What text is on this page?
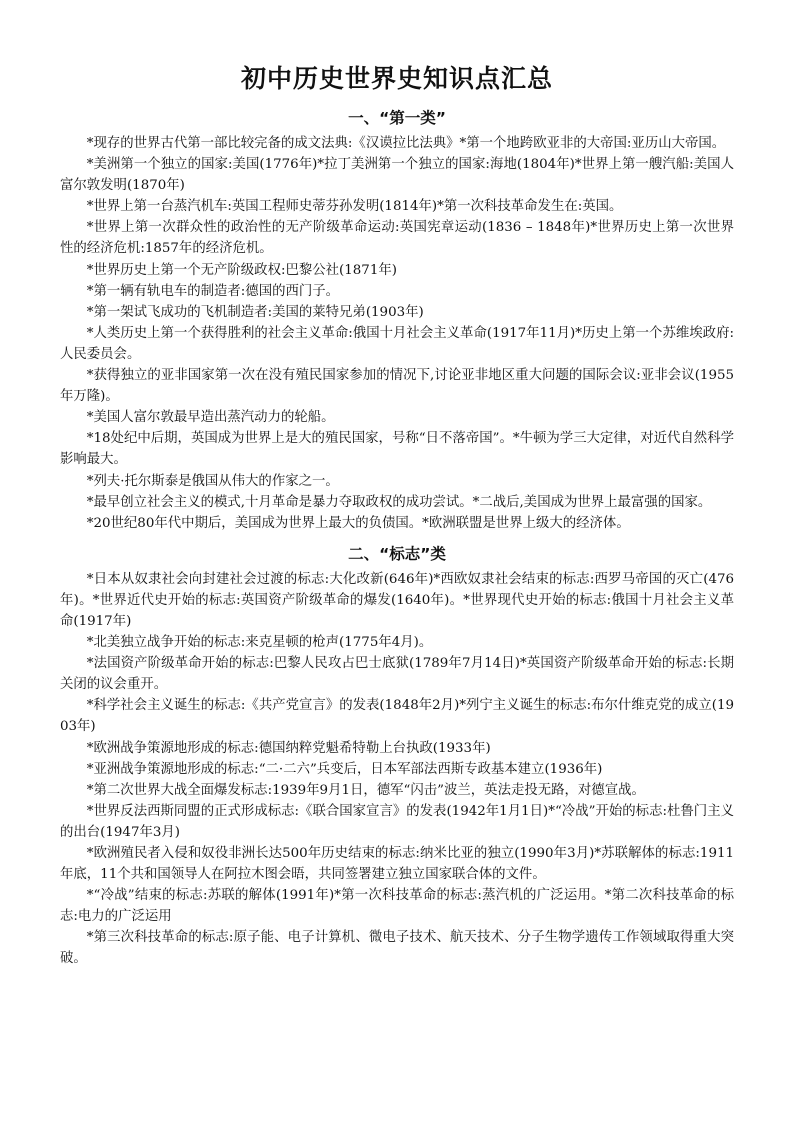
初中历史世界史知识点汇总
一、“第一类”

*现存的世界古代第一部比较完备的成文法典:《汉谟拉比法典》*第一个地跨欧亚非的大帝国:亚历山大帝国。

*美洲第一个独立的国家:美国(1776年)*拉丁美洲第一个独立的国家:海地(1804年)*世界上第一艘汽船:美国人富尔敦发明(1870年)

*世界上第一台蒸汽机车:英国工程师史蒂芬孙发明(1814年)*第一次科技革命发生在:英国。

*世界上第一次群众性的政治性的无产阶级革命运动:英国宪章运动(1836 – 1848年)*世界历史上第一次世界性的经济危机:1857年的经济危机。

*世界历史上第一个无产阶级政权:巴黎公社(1871年)

*第一辆有轨电车的制造者:德国的西门子。

*第一架试飞成功的飞机制造者:美国的莱特兄弟(1903年)

*人类历史上第一个获得胜利的社会主义革命:俄国十月社会主义革命(1917年11月)*历史上第一个苏维埃政府:人民委员会。

*获得独立的亚非国家第一次在没有殖民国家参加的情况下,讨论亚非地区重大问题的国际会议:亚非会议(1955年万隆)。

*美国人富尔敦最早造出蒸汽动力的轮船。

*18处纪中后期，英国成为世界上是大的殖民国家，号称“日不落帝国”。*牛顿为学三大定律，对近代自然科学影响最大。

*列夫·托尔斯泰是俄国从伟大的作家之一。

*最早创立社会主义的模式,十月革命是暴力夺取政权的成功尝试。*二战后,美国成为世界上最富强的国家。

*20世纪80年代中期后，美国成为世界上最大的负债国。*欧洲联盟是世界上级大的经济体。

二、“标志”类

*日本从奴隶社会向封建社会过渡的标志:大化改新(646年)*西欧奴隶社会结束的标志:西罗马帝国的灭亡(476年)。*世界近代史开始的标志:英国资产阶级革命的爆发(1640年)。*世界现代史开始的标志:俄国十月社会主义革命(1917年)

*北美独立战争开始的标志:来克星顿的枪声(1775年4月)。

*法国资产阶级革命开始的标志:巴黎人民攻占巴士底狱(1789年7月14日)*英国资产阶级革命开始的标志:长期关闭的议会重开。

*科学社会主义诞生的标志:《共产党宣言》的发表(1848年2月)*列宁主义诞生的标志:布尔什维克党的成立(1903年)

*欧洲战争策源地形成的标志:德国纳粹党魁希特勒上台执政(1933年)

*亚洲战争策源地形成的标志:“二·二六”兵变后，日本军部法西斯专政基本建立(1936年)

*第二次世界大战全面爆发标志:1939年9月1日，德军“闪击”波兰，英法走投无路，对德宣战。

*世界反法西斯同盟的正式形成标志:《联合国家宣言》的发表(1942年1月1日)*“冷战”开始的标志:杜鲁门主义的出台(1947年3月)

*欧洲殖民者入侵和奴役非洲长达500年历史结束的标志:纳米比亚的独立(1990年3月)*苏联解体的标志:1911年底，11个共和国领导人在阿拉木图会晤，共同签署建立独立国家联合体的文件。

*“冷战”结束的标志:苏联的解体(1991年)*第一次科技革命的标志:蒸汽机的广泛运用。*第二次科技革命的标志:电力的广泛运用

*第三次科技革命的标志:原子能、电子计算机、微电子技术、航天技术、分子生物学遗传工作领域取得重大突破。
